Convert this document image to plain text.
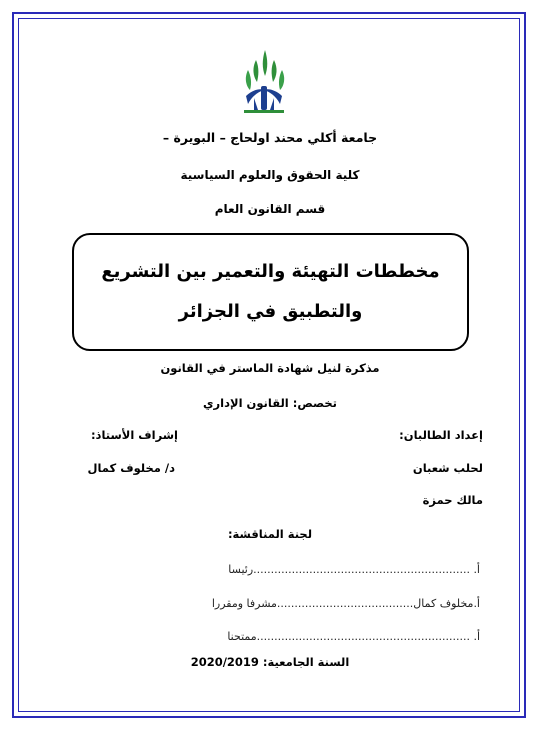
جامعة أكلي محند اولحاج – البويرة –
كلية الحقوق والعلوم السياسية
قسم القانون العام
مخططات التهيئة والتعمير بين التشريع والتطبيق في الجزائر
مذكرة لنيل شهادة الماستر في القانون
تخصص: القانون الإداري
إعداد الطالبان:
إشراف الأستاذ:
لحلب شعبان
د/ مخلوف كمال
مالك حمزة
لجنة المناقشة:
أ. ..............................................................رئيسا
أ.مخلوف كمال.......................................مشرفا ومقررا
أ. .............................................................ممتحنا
السنة الجامعية: 2020/2019
